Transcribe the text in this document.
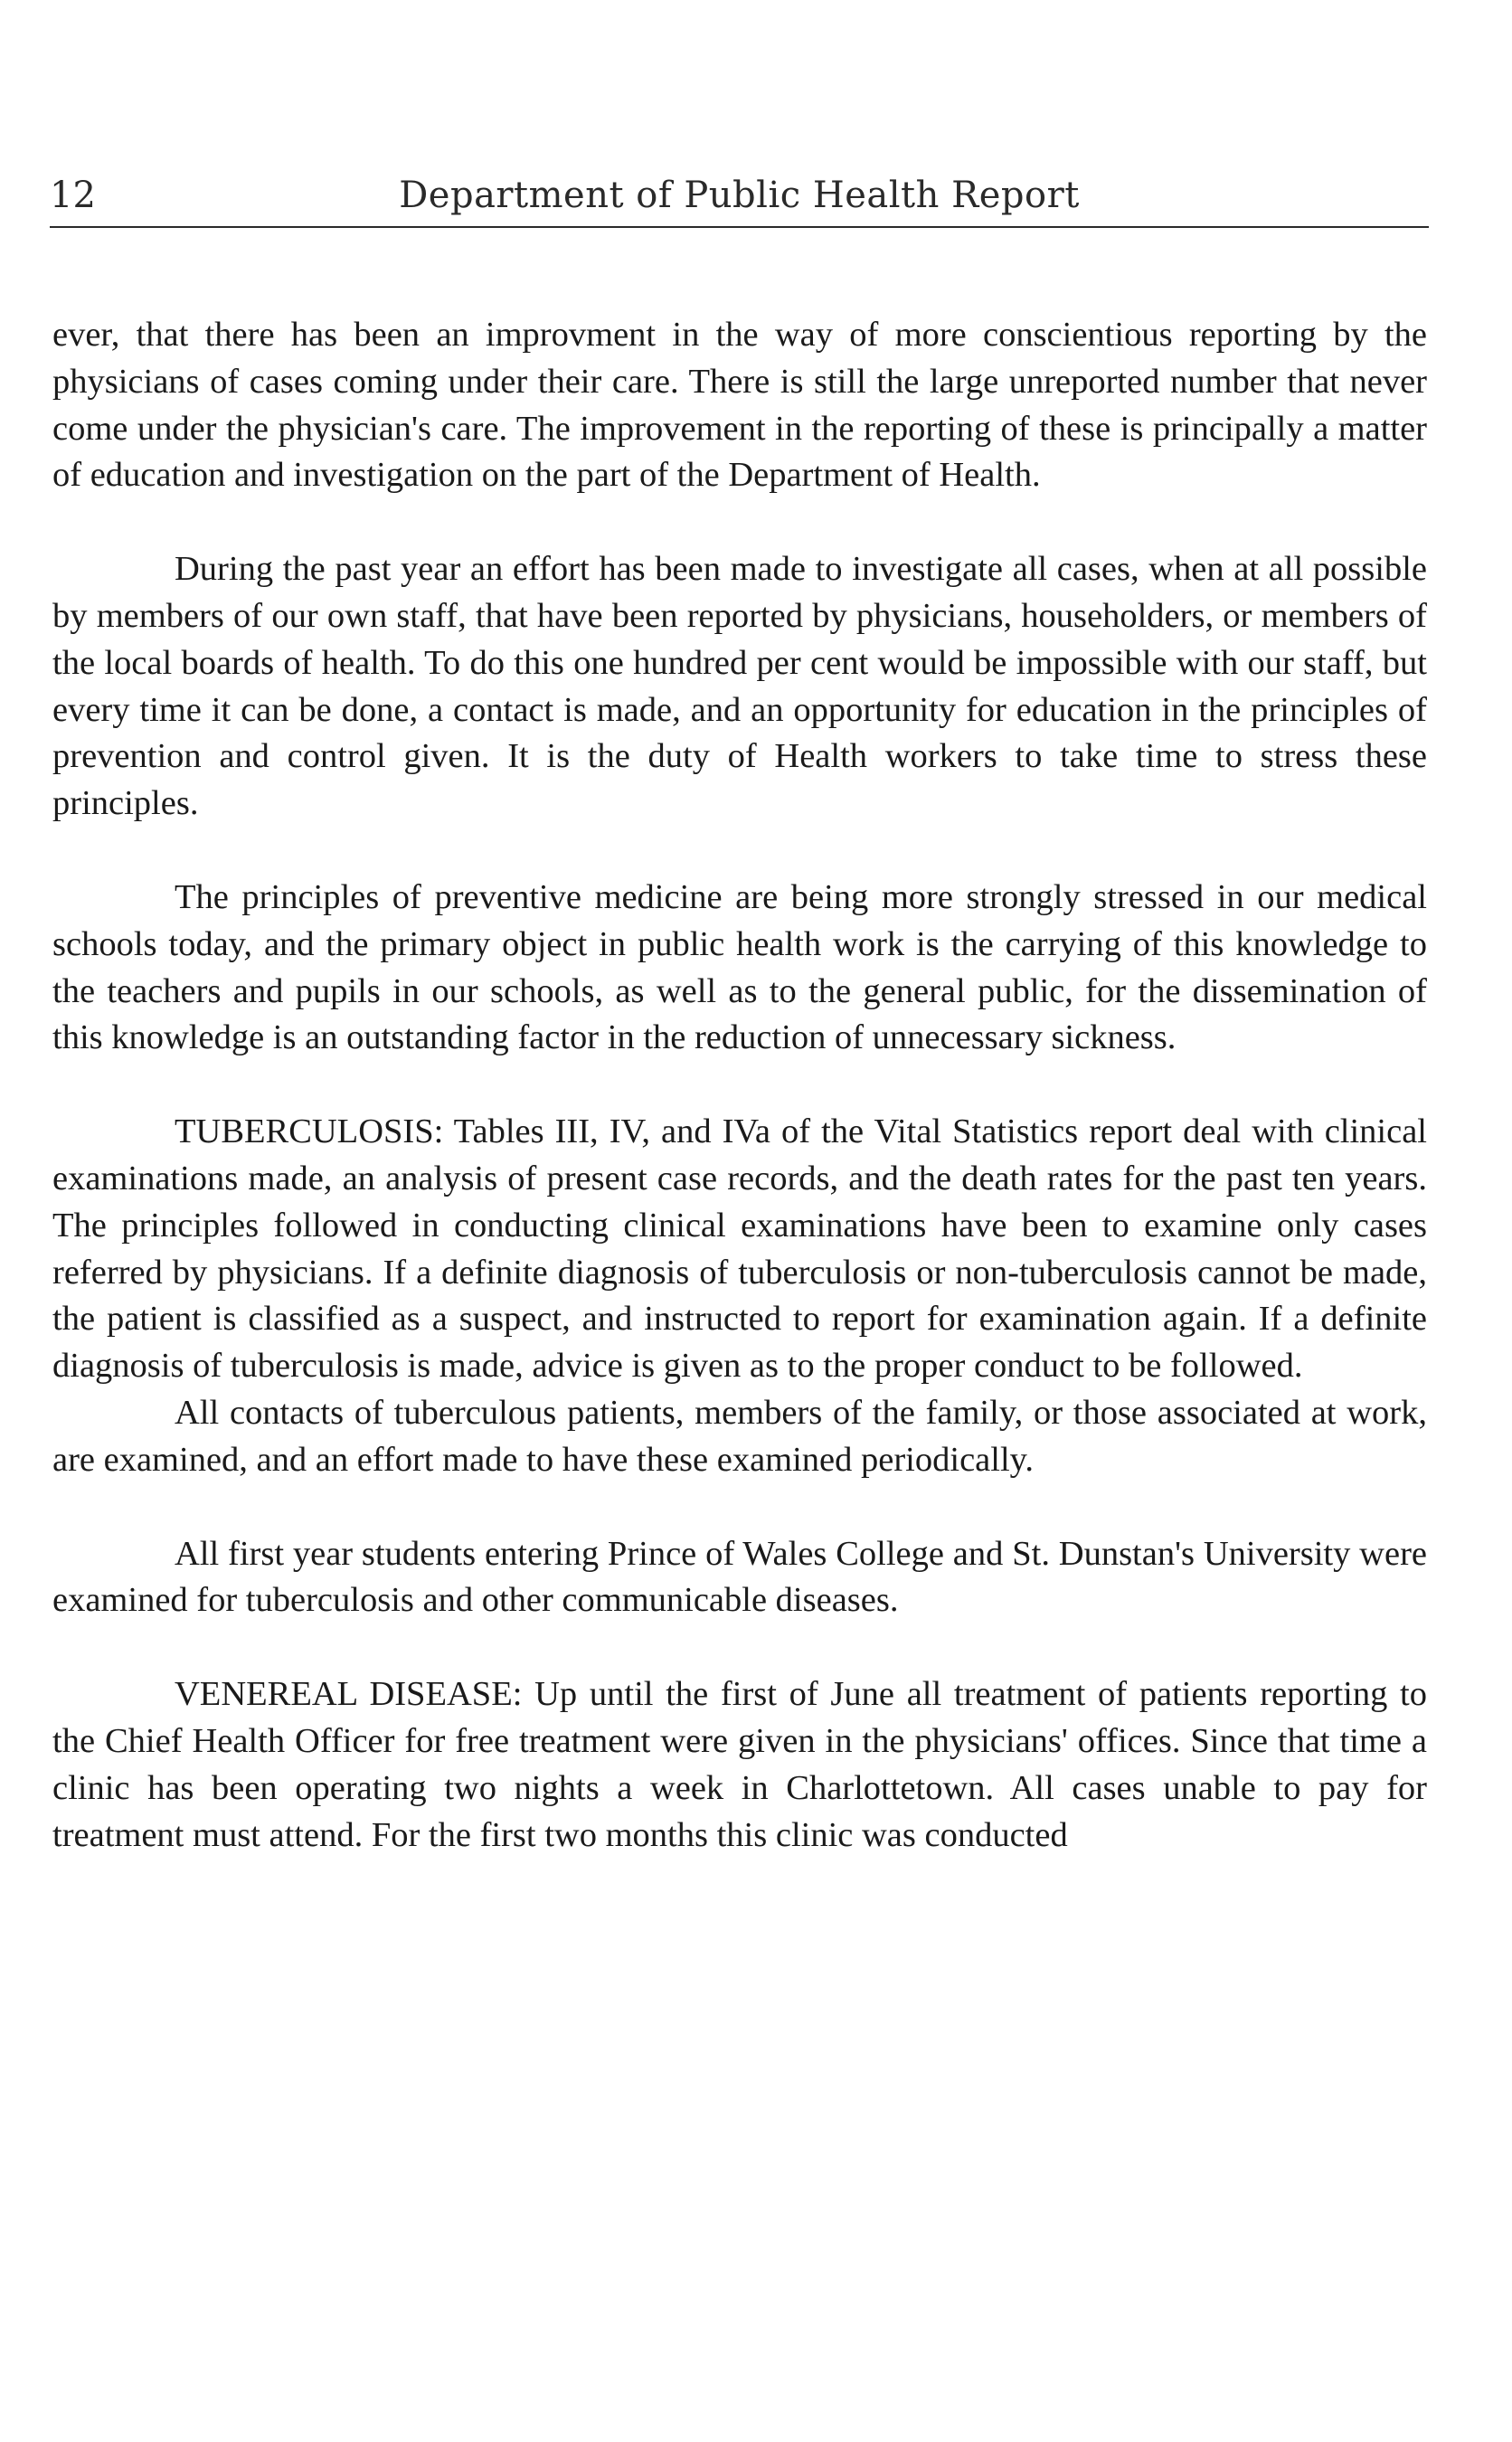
12	Department of Public Health Report

ever, that there has been an improvment in the way of more conscientious reporting by the physicians of cases coming under their care. There is still the large unreported number that never come under the physician's care. The improvement in the reporting of these is principally a matter of education and investigation on the part of the Department of Health.

During the past year an effort has been made to investigate all cases, when at all possible by members of our own staff, that have been reported by physicians, householders, or members of the local boards of health. To do this one hundred per cent would be impossible with our staff, but every time it can be done, a contact is made, and an opportunity for education in the principles of prevention and control given. It is the duty of Health workers to take time to stress these principles.

The principles of preventive medicine are being more strongly stressed in our medical schools today, and the primary object in public health work is the carrying of this knowledge to the teachers and pupils in our schools, as well as to the general public, for the dissemination of this knowledge is an outstanding factor in the reduction of unnecessary sickness.

TUBERCULOSIS: Tables III, IV, and IVa of the Vital Statistics report deal with clinical examinations made, an analysis of present case records, and the death rates for the past ten years. The principles followed in conducting clinical examinations have been to examine only cases referred by physicians. If a definite diagnosis of tuberculosis or non-tuberculosis cannot be made, the patient is classified as a suspect, and instructed to report for examination again. If a definite diagnosis of tuberculosis is made, advice is given as to the proper conduct to be followed.

All contacts of tuberculous patients, members of the family, or those associated at work, are examined, and an effort made to have these examined periodically.

All first year students entering Prince of Wales College and St. Dunstan's University were examined for tuberculosis and other communicable diseases.

VENEREAL DISEASE: Up until the first of June all treatment of patients reporting to the Chief Health Officer for free treatment were given in the physicians' offices. Since that time a clinic has been operating two nights a week in Charlottetown. All cases unable to pay for treatment must attend. For the first two months this clinic was conducted
